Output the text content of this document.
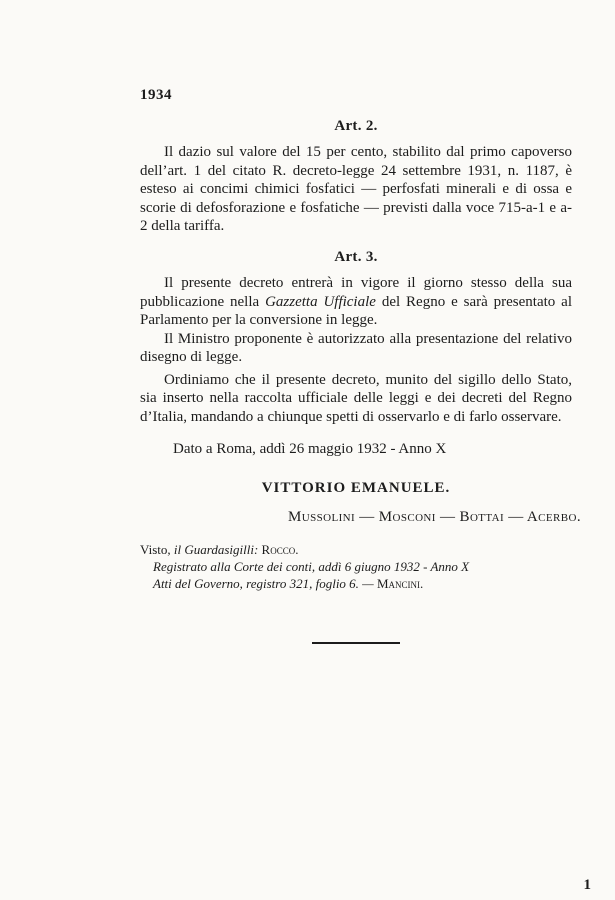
1934
Art. 2.

Il dazio sul valore del 15 per cento, stabilito dal primo capoverso dell’art. 1 del citato R. decreto-legge 24 settembre 1931, n. 1187, è esteso ai concimi chimici fosfatici — perfosfati minerali e di ossa e scorie di defosforazione e fosfatiche — previsti dalla voce 715-a-1 e a-2 della tariffa.

Art. 3.

Il presente decreto entrerà in vigore il giorno stesso della sua pubblicazione nella Gazzetta Ufficiale del Regno e sarà presentato al Parlamento per la conversione in legge.

Il Ministro proponente è autorizzato alla presentazione del relativo disegno di legge.

Ordiniamo che il presente decreto, munito del sigillo dello Stato, sia inserto nella raccolta ufficiale delle leggi e dei decreti del Regno d’Italia, mandando a chiunque spetti di osservarlo e di farlo osservare.

Dato a Roma, addì 26 maggio 1932 - Anno X

VITTORIO EMANUELE.
Mussolini — Mosconi — Bottai — Acerbo.
Visto, il Guardasigilli: Rocco.
Registrato alla Corte dei conti, addì 6 giugno 1932 - Anno X
Atti del Governo, registro 321, foglio 6. — Mancini.
1
